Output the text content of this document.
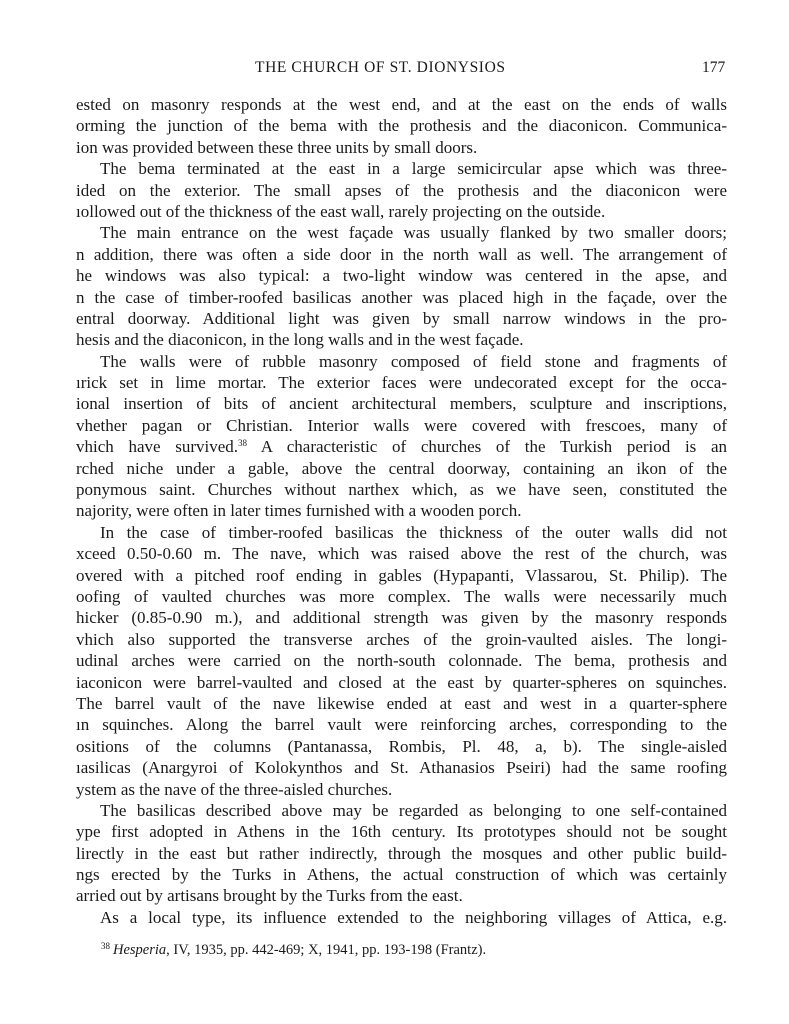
THE CHURCH OF ST. DIONYSIOS	177

ested on masonry responds at the west end, and at the east on the ends of walls
orming the junction of the bema with the prothesis and the diaconicon. Communica-
ion was provided between these three units by small doors.

The bema terminated at the east in a large semicircular apse which was three-
ided on the exterior. The small apses of the prothesis and the diaconicon were
ıollowed out of the thickness of the east wall, rarely projecting on the outside.

The main entrance on the west façade was usually flanked by two smaller doors;
n addition, there was often a side door in the north wall as well. The arrangement of
he windows was also typical: a two-light window was centered in the apse, and
n the case of timber-roofed basilicas another was placed high in the façade, over the
entral doorway. Additional light was given by small narrow windows in the pro-
hesis and the diaconicon, in the long walls and in the west façade.

The walls were of rubble masonry composed of field stone and fragments of
ırick set in lime mortar. The exterior faces were undecorated except for the occa-
ional insertion of bits of ancient architectural members, sculpture and inscriptions,
vhether pagan or Christian. Interior walls were covered with frescoes, many of
vhich have survived.$^{38}$ A characteristic of churches of the Turkish period is an
rched niche under a gable, above the central doorway, containing an ikon of the
ponymous saint. Churches without narthex which, as we have seen, constituted the
najority, were often in later times furnished with a wooden porch.

In the case of timber-roofed basilicas the thickness of the outer walls did not
xceed 0.50-0.60 m. The nave, which was raised above the rest of the church, was
overed with a pitched roof ending in gables (Hypapanti, Vlassarou, St. Philip). The
oofing of vaulted churches was more complex. The walls were necessarily much
hicker (0.85-0.90 m.), and additional strength was given by the masonry responds
vhich also supported the transverse arches of the groin-vaulted aisles. The longi-
udinal arches were carried on the north-south colonnade. The bema, prothesis and
iaconicon were barrel-vaulted and closed at the east by quarter-spheres on squinches.
The barrel vault of the nave likewise ended at east and west in a quarter-sphere
ın squinches. Along the barrel vault were reinforcing arches, corresponding to the
ositions of the columns (Pantanassa, Rombis, Pl. 48, a, b). The single-aisled
ıasilicas (Anargyroi of Kolokynthos and St. Athanasios Pseiri) had the same roofing
ystem as the nave of the three-aisled churches.

The basilicas described above may be regarded as belonging to one self-contained
ype first adopted in Athens in the 16th century. Its prototypes should not be sought
lirectly in the east but rather indirectly, through the mosques and other public build-
ngs erected by the Turks in Athens, the actual construction of which was certainly
arried out by artisans brought by the Turks from the east.

As a local type, its influence extended to the neighboring villages of Attica, e.g.

$^{38}$ Hesperia, IV, 1935, pp. 442-469; X, 1941, pp. 193-198 (Frantz).
